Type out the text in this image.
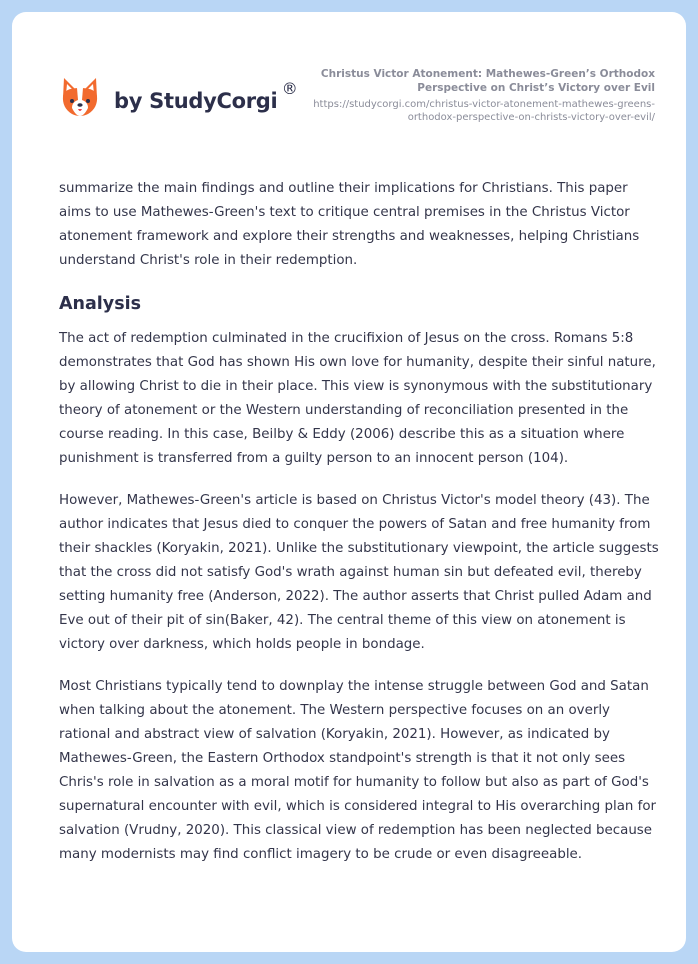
by StudyCorgi
®
Christus Victor Atonement: Mathewes-Green’s Orthodox Perspective on Christ’s Victory over Evil
https://studycorgi.com/christus-victor-atonement-mathewes-greens-orthodox-perspective-on-christs-victory-over-evil/

summarize the main findings and outline their implications for Christians. This paper aims to use Mathewes-Green's text to critique central premises in the Christus Victor atonement framework and explore their strengths and weaknesses, helping Christians understand Christ's role in their redemption.

Analysis

The act of redemption culminated in the crucifixion of Jesus on the cross. Romans 5:8 demonstrates that God has shown His own love for humanity, despite their sinful nature, by allowing Christ to die in their place. This view is synonymous with the substitutionary theory of atonement or the Western understanding of reconciliation presented in the course reading. In this case, Beilby & Eddy (2006) describe this as a situation where punishment is transferred from a guilty person to an innocent person (104).

However, Mathewes-Green's article is based on Christus Victor's model theory (43). The author indicates that Jesus died to conquer the powers of Satan and free humanity from their shackles (Koryakin, 2021). Unlike the substitutionary viewpoint, the article suggests that the cross did not satisfy God's wrath against human sin but defeated evil, thereby setting humanity free (Anderson, 2022). The author asserts that Christ pulled Adam and Eve out of their pit of sin(Baker, 42). The central theme of this view on atonement is victory over darkness, which holds people in bondage.

Most Christians typically tend to downplay the intense struggle between God and Satan when talking about the atonement. The Western perspective focuses on an overly rational and abstract view of salvation (Koryakin, 2021). However, as indicated by Mathewes-Green, the Eastern Orthodox standpoint's strength is that it not only sees Chris's role in salvation as a moral motif for humanity to follow but also as part of God's supernatural encounter with evil, which is considered integral to His overarching plan for salvation (Vrudny, 2020). This classical view of redemption has been neglected because many modernists may find conflict imagery to be crude or even disagreeable.
